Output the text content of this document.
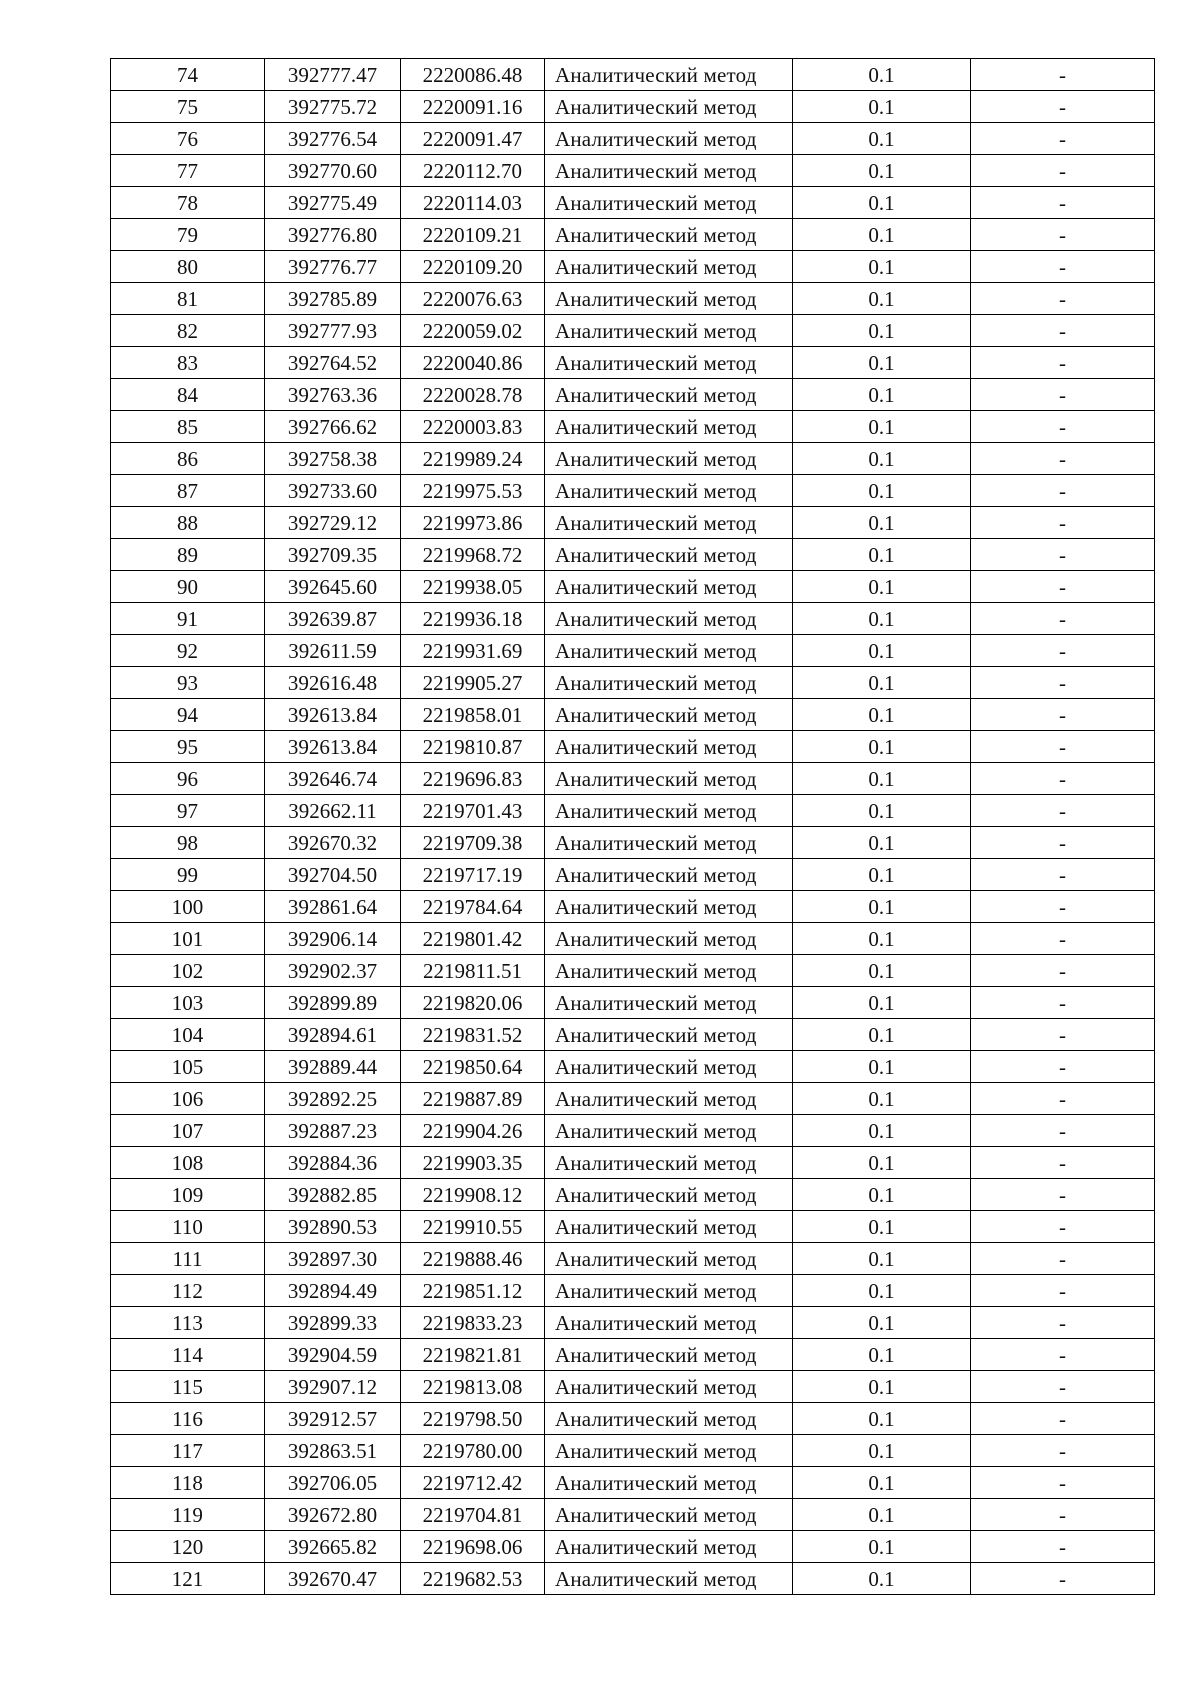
74	392777.47	2220086.48	Аналитический метод	0.1	-
75	392775.72	2220091.16	Аналитический метод	0.1	-
76	392776.54	2220091.47	Аналитический метод	0.1	-
77	392770.60	2220112.70	Аналитический метод	0.1	-
78	392775.49	2220114.03	Аналитический метод	0.1	-
79	392776.80	2220109.21	Аналитический метод	0.1	-
80	392776.77	2220109.20	Аналитический метод	0.1	-
81	392785.89	2220076.63	Аналитический метод	0.1	-
82	392777.93	2220059.02	Аналитический метод	0.1	-
83	392764.52	2220040.86	Аналитический метод	0.1	-
84	392763.36	2220028.78	Аналитический метод	0.1	-
85	392766.62	2220003.83	Аналитический метод	0.1	-
86	392758.38	2219989.24	Аналитический метод	0.1	-
87	392733.60	2219975.53	Аналитический метод	0.1	-
88	392729.12	2219973.86	Аналитический метод	0.1	-
89	392709.35	2219968.72	Аналитический метод	0.1	-
90	392645.60	2219938.05	Аналитический метод	0.1	-
91	392639.87	2219936.18	Аналитический метод	0.1	-
92	392611.59	2219931.69	Аналитический метод	0.1	-
93	392616.48	2219905.27	Аналитический метод	0.1	-
94	392613.84	2219858.01	Аналитический метод	0.1	-
95	392613.84	2219810.87	Аналитический метод	0.1	-
96	392646.74	2219696.83	Аналитический метод	0.1	-
97	392662.11	2219701.43	Аналитический метод	0.1	-
98	392670.32	2219709.38	Аналитический метод	0.1	-
99	392704.50	2219717.19	Аналитический метод	0.1	-
100	392861.64	2219784.64	Аналитический метод	0.1	-
101	392906.14	2219801.42	Аналитический метод	0.1	-
102	392902.37	2219811.51	Аналитический метод	0.1	-
103	392899.89	2219820.06	Аналитический метод	0.1	-
104	392894.61	2219831.52	Аналитический метод	0.1	-
105	392889.44	2219850.64	Аналитический метод	0.1	-
106	392892.25	2219887.89	Аналитический метод	0.1	-
107	392887.23	2219904.26	Аналитический метод	0.1	-
108	392884.36	2219903.35	Аналитический метод	0.1	-
109	392882.85	2219908.12	Аналитический метод	0.1	-
110	392890.53	2219910.55	Аналитический метод	0.1	-
111	392897.30	2219888.46	Аналитический метод	0.1	-
112	392894.49	2219851.12	Аналитический метод	0.1	-
113	392899.33	2219833.23	Аналитический метод	0.1	-
114	392904.59	2219821.81	Аналитический метод	0.1	-
115	392907.12	2219813.08	Аналитический метод	0.1	-
116	392912.57	2219798.50	Аналитический метод	0.1	-
117	392863.51	2219780.00	Аналитический метод	0.1	-
118	392706.05	2219712.42	Аналитический метод	0.1	-
119	392672.80	2219704.81	Аналитический метод	0.1	-
120	392665.82	2219698.06	Аналитический метод	0.1	-
121	392670.47	2219682.53	Аналитический метод	0.1	-
